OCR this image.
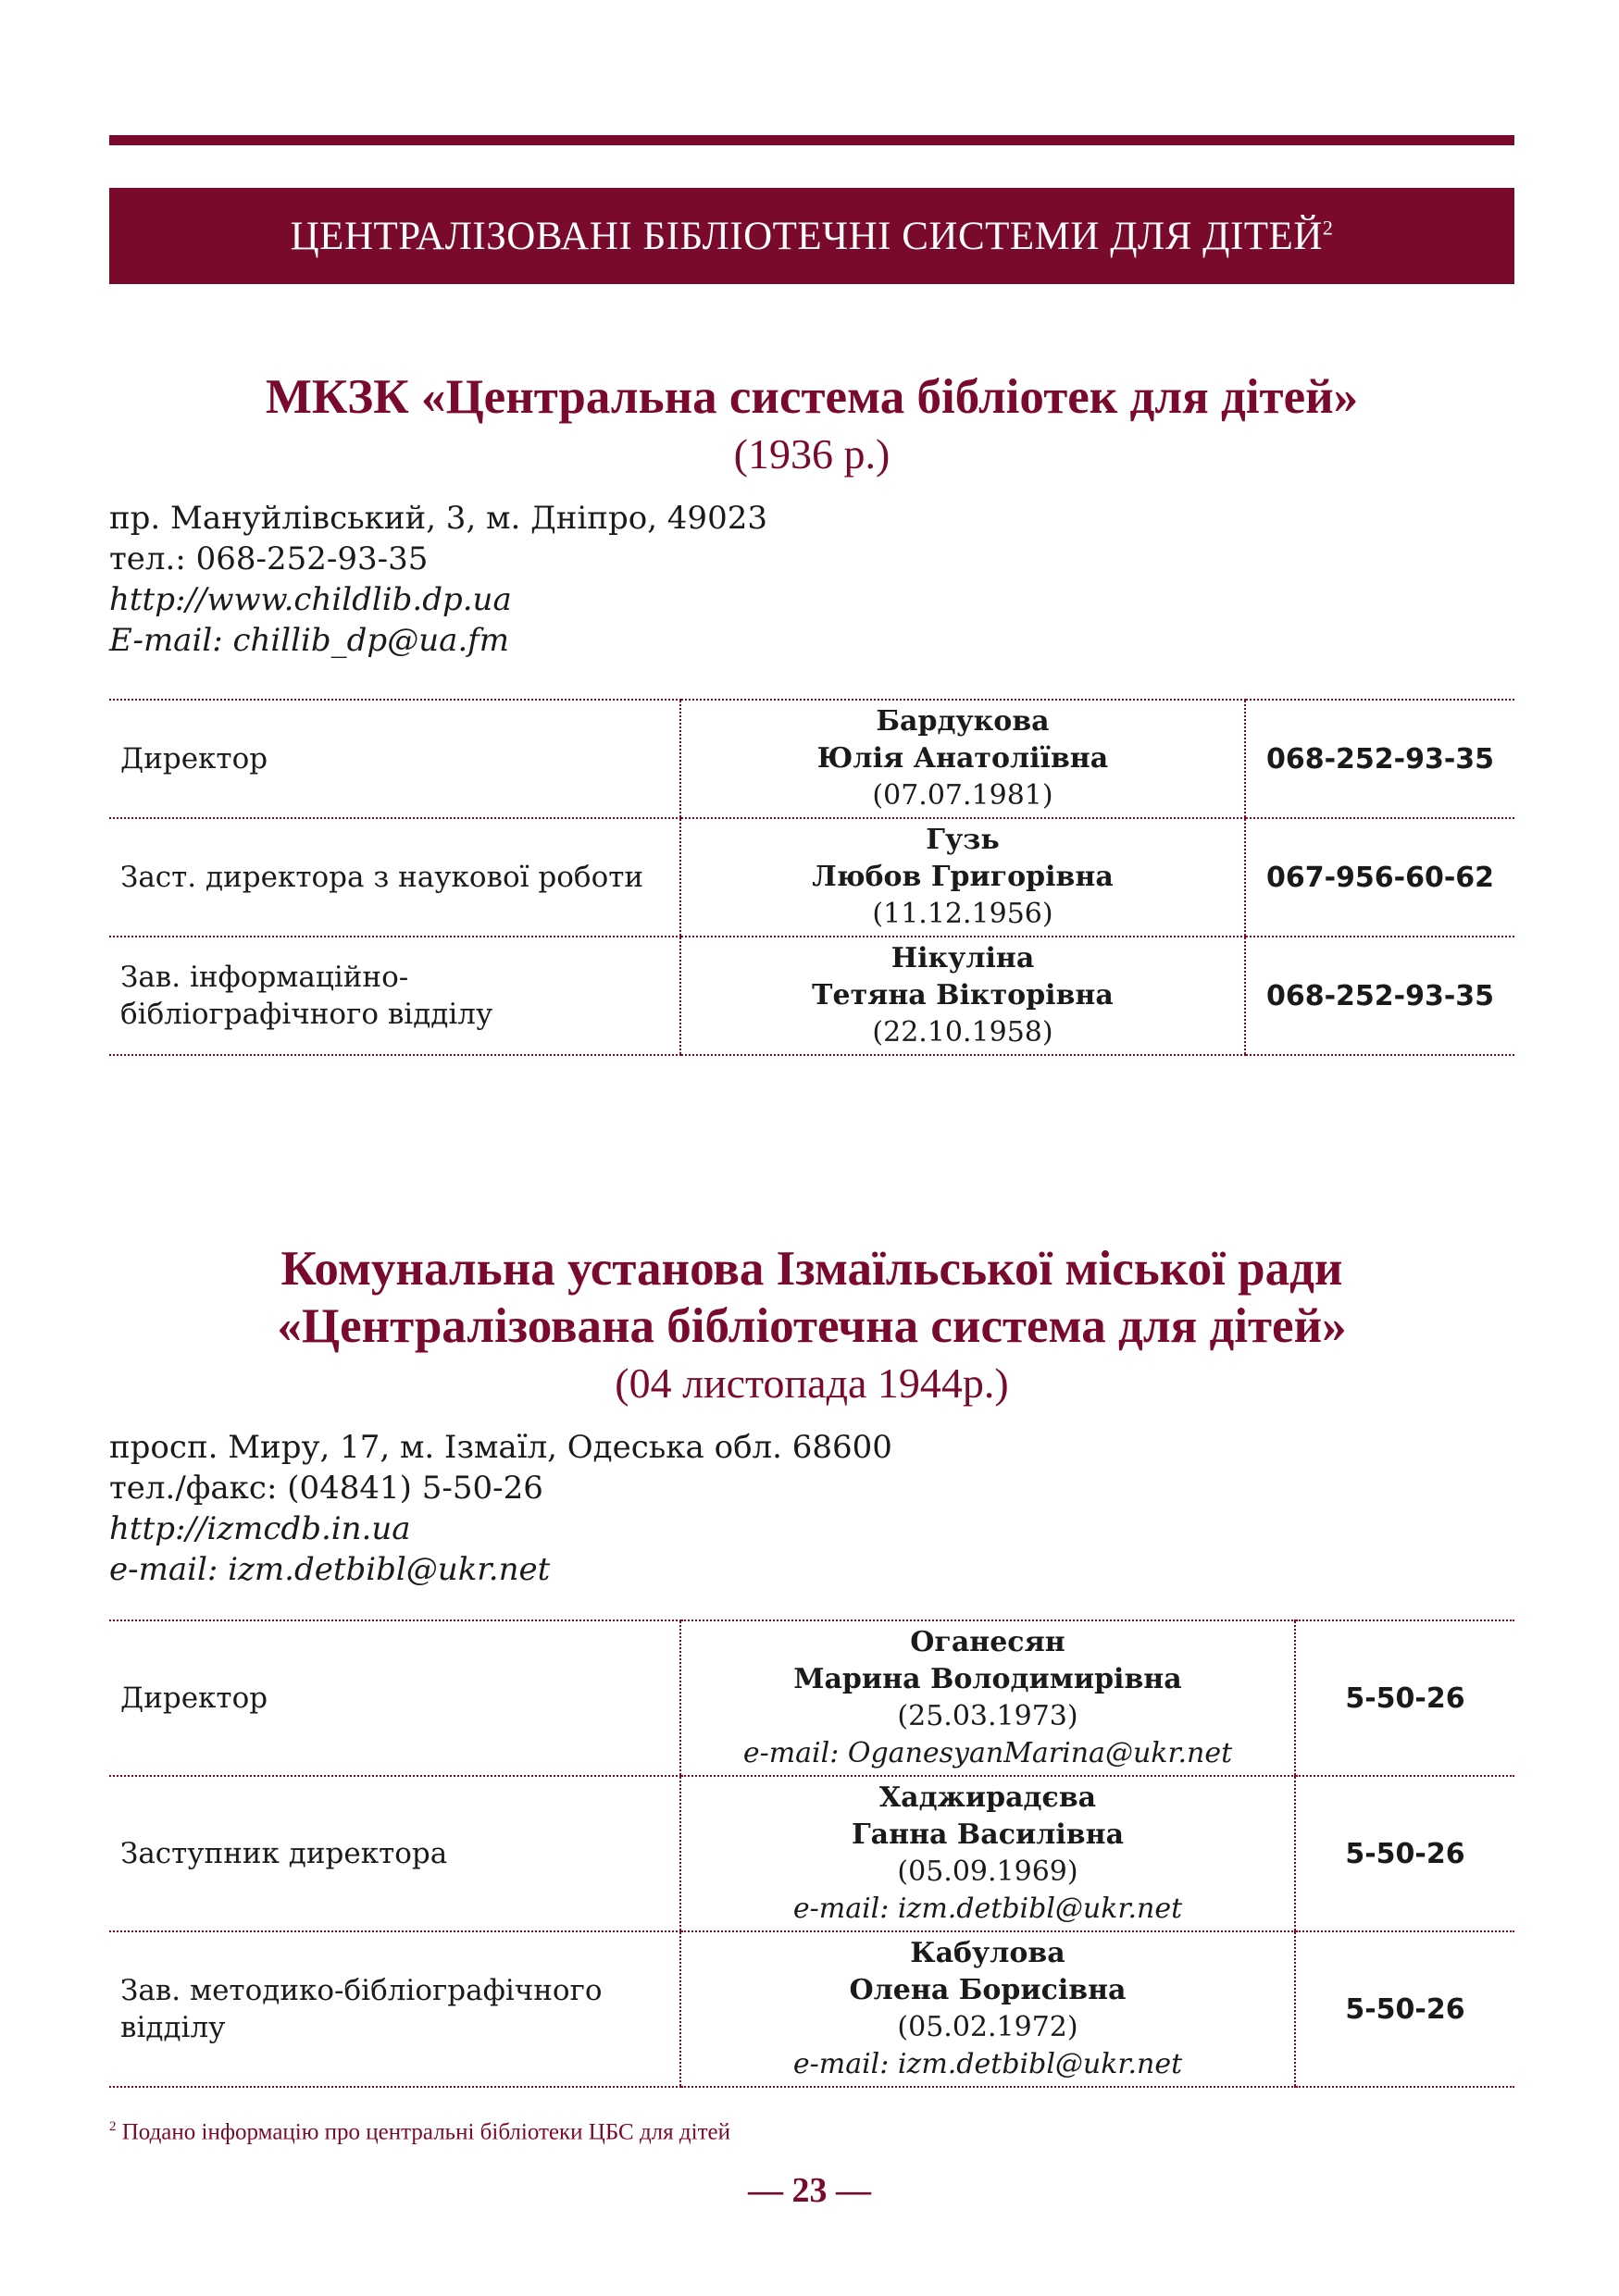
ЦЕНТРАЛІЗОВАНІ БІБЛІОТЕЧНІ СИСТЕМИ ДЛЯ ДІТЕЙ$^2$
МКЗК «Центральна система бібліотек для дітей»
(1936 р.)
пр. Мануйлівський, 3, м. Дніпро, 49023
тел.: 068-252-93-35
http://www.childlib.dp.ua
E-mail: chillib_dp@ua.fm
Директор	Бардукова
Юлія Анатоліївна
(07.07.1981)	068-252-93-35
Заст. директора з наукової роботи	Гузь
Любов Григорівна
(11.12.1956)	067-956-60-62
Зав. інформаційно-бібліографічного відділу	Нікуліна
Тетяна Вікторівна
(22.10.1958)	068-252-93-35
Комунальна установа Ізмаїльської міської ради
«Централізована бібліотечна система для дітей»
(04 листопада 1944р.)
просп. Миру, 17, м. Ізмаїл, Одеська обл. 68600
тел./факс: (04841) 5-50-26
http://izmcdb.in.ua
e-mail: izm.detbibl@ukr.net
Директор	Оганесян
Марина Володимирівна
(25.03.1973)
e-mail: OganesyanMarina@ukr.net	5-50-26
Заступник директора	Хаджирадєва
Ганна Василівна
(05.09.1969)
e-mail: izm.detbibl@ukr.net	5-50-26
Зав. методико-бібліографічного відділу	Кабулова
Олена Борисівна
(05.02.1972)
e-mail: izm.detbibl@ukr.net	5-50-26
$^2$ Подано інформацію про центральні бібліотеки ЦБС для дітей
— 23 —
